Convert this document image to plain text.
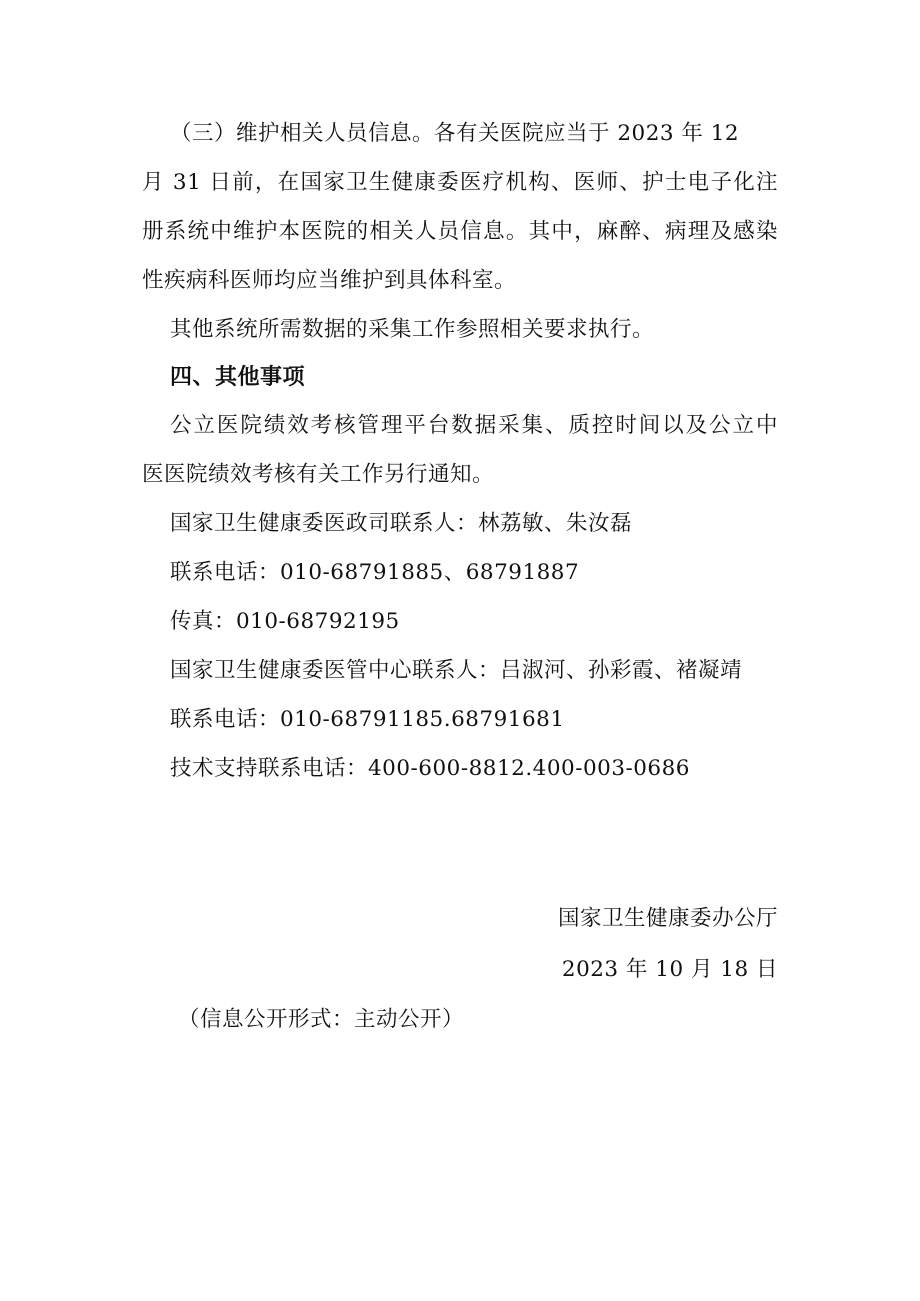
（三）维护相关人员信息。各有关医院应当于 2023 年 12
月 31 日前，在国家卫生健康委医疗机构、医师、护士电子化注
册系统中维护本医院的相关人员信息。其中，麻醉、病理及感染
性疾病科医师均应当维护到具体科室。
其他系统所需数据的采集工作参照相关要求执行。
四、其他事项
公立医院绩效考核管理平台数据采集、质控时间以及公立中
医医院绩效考核有关工作另行通知。
国家卫生健康委医政司联系人：林荔敏、朱汝磊
联系电话：010-68791885、68791887
传真：010-68792195
国家卫生健康委医管中心联系人：吕淑河、孙彩霞、褚凝靖
联系电话：010-68791185.68791681
技术支持联系电话：400-600-8812.400-003-0686
国家卫生健康委办公厅
2023 年 10 月 18 日
（信息公开形式：主动公开）
